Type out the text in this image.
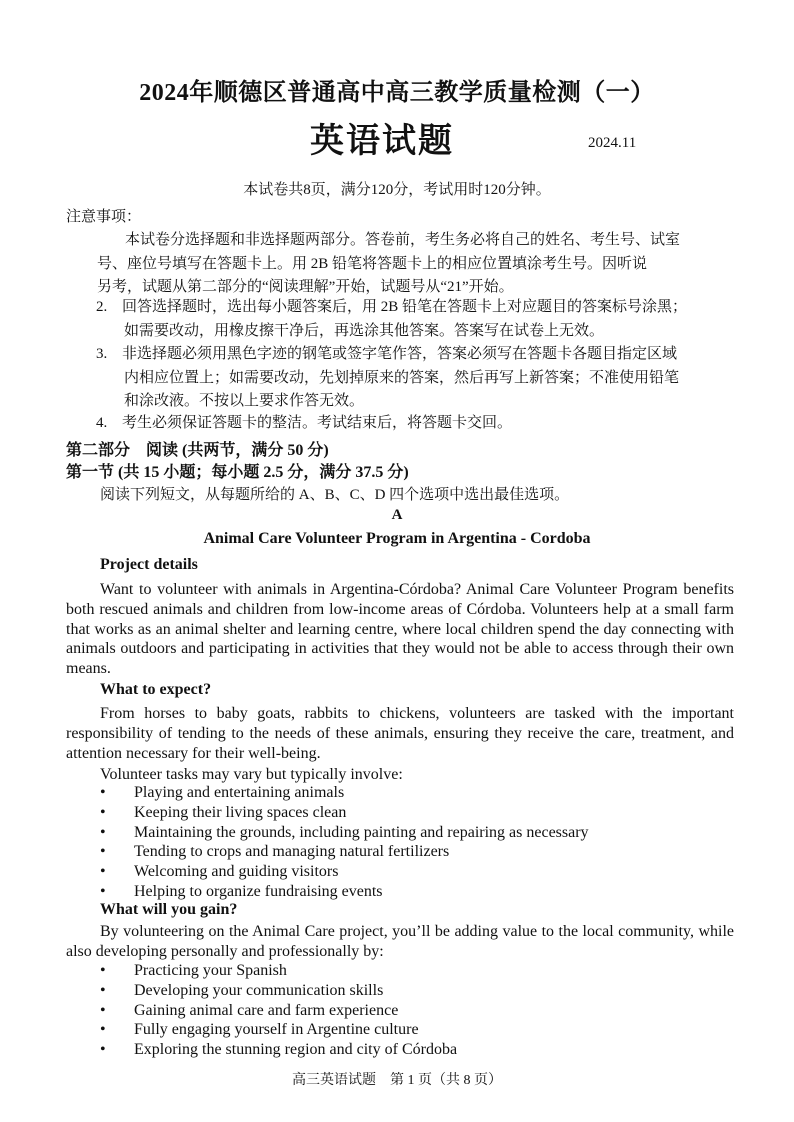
2024年顺德区普通高中高三教学质量检测（一）
英语试题	2024.11
本试卷共8页，满分120分，考试用时120分钟。
注意事项：
本试卷分选择题和非选择题两部分。答卷前，考生务必将自己的姓名、考生号、试室
号、座位号填写在答题卡上。用 2B 铅笔将答题卡上的相应位置填涂考生号。因听说
另考，试题从第二部分的“阅读理解”开始，试题号从“21”开始。
2. 回答选择题时，选出每小题答案后，用 2B 铅笔在答题卡上对应题目的答案标号涂黑；
如需要改动，用橡皮擦干净后，再选涂其他答案。答案写在试卷上无效。
3. 非选择题必须用黑色字迹的钢笔或签字笔作答，答案必须写在答题卡各题目指定区域
内相应位置上；如需要改动，先划掉原来的答案，然后再写上新答案；不准使用铅笔
和涂改液。不按以上要求作答无效。
4. 考生必须保证答题卡的整洁。考试结束后，将答题卡交回。
第二部分　阅读 (共两节，满分 50 分)
第一节 (共 15 小题；每小题 2.5 分，满分 37.5 分)
阅读下列短文，从每题所给的 A、B、C、D 四个选项中选出最佳选项。
A
Animal Care Volunteer Program in Argentina - Cordoba
Project details
Want to volunteer with animals in Argentina-Córdoba? Animal Care Volunteer Program benefits both rescued animals and children from low-income areas of Córdoba. Volunteers help at a small farm that works as an animal shelter and learning centre, where local children spend the day connecting with animals outdoors and participating in activities that they would not be able to access through their own means.
What to expect?
From horses to baby goats, rabbits to chickens, volunteers are tasked with the important responsibility of tending to the needs of these animals, ensuring they receive the care, treatment, and attention necessary for their well-being.
Volunteer tasks may vary but typically involve:
• Playing and entertaining animals
• Keeping their living spaces clean
• Maintaining the grounds, including painting and repairing as necessary
• Tending to crops and managing natural fertilizers
• Welcoming and guiding visitors
• Helping to organize fundraising events
What will you gain?
By volunteering on the Animal Care project, you’ll be adding value to the local community, while also developing personally and professionally by:
• Practicing your Spanish
• Developing your communication skills
• Gaining animal care and farm experience
• Fully engaging yourself in Argentine culture
• Exploring the stunning region and city of Córdoba
高三英语试题　第 1 页（共 8 页）
